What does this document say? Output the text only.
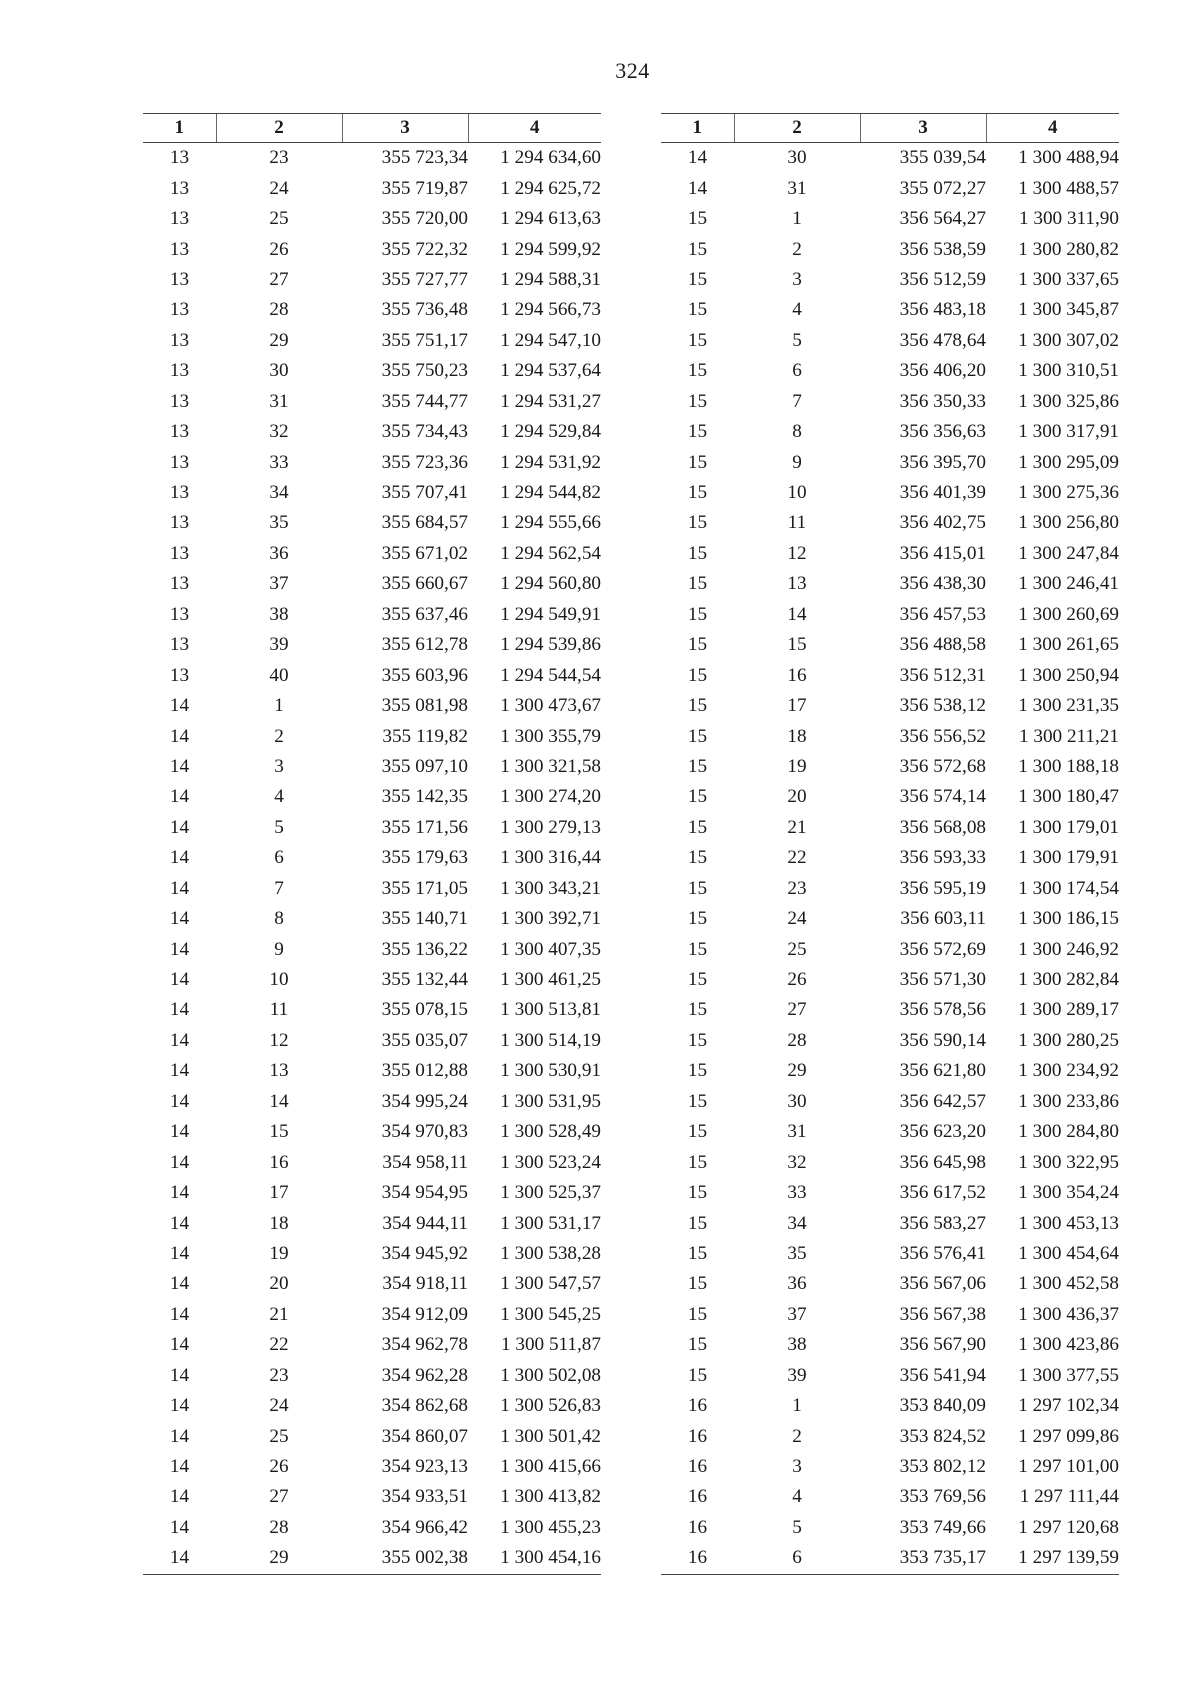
324
1	2	3	4
13	23	355 723,34	1 294 634,60
13	24	355 719,87	1 294 625,72
13	25	355 720,00	1 294 613,63
13	26	355 722,32	1 294 599,92
13	27	355 727,77	1 294 588,31
13	28	355 736,48	1 294 566,73
13	29	355 751,17	1 294 547,10
13	30	355 750,23	1 294 537,64
13	31	355 744,77	1 294 531,27
13	32	355 734,43	1 294 529,84
13	33	355 723,36	1 294 531,92
13	34	355 707,41	1 294 544,82
13	35	355 684,57	1 294 555,66
13	36	355 671,02	1 294 562,54
13	37	355 660,67	1 294 560,80
13	38	355 637,46	1 294 549,91
13	39	355 612,78	1 294 539,86
13	40	355 603,96	1 294 544,54
14	1	355 081,98	1 300 473,67
14	2	355 119,82	1 300 355,79
14	3	355 097,10	1 300 321,58
14	4	355 142,35	1 300 274,20
14	5	355 171,56	1 300 279,13
14	6	355 179,63	1 300 316,44
14	7	355 171,05	1 300 343,21
14	8	355 140,71	1 300 392,71
14	9	355 136,22	1 300 407,35
14	10	355 132,44	1 300 461,25
14	11	355 078,15	1 300 513,81
14	12	355 035,07	1 300 514,19
14	13	355 012,88	1 300 530,91
14	14	354 995,24	1 300 531,95
14	15	354 970,83	1 300 528,49
14	16	354 958,11	1 300 523,24
14	17	354 954,95	1 300 525,37
14	18	354 944,11	1 300 531,17
14	19	354 945,92	1 300 538,28
14	20	354 918,11	1 300 547,57
14	21	354 912,09	1 300 545,25
14	22	354 962,78	1 300 511,87
14	23	354 962,28	1 300 502,08
14	24	354 862,68	1 300 526,83
14	25	354 860,07	1 300 501,42
14	26	354 923,13	1 300 415,66
14	27	354 933,51	1 300 413,82
14	28	354 966,42	1 300 455,23
14	29	355 002,38	1 300 454,16
1	2	3	4
14	30	355 039,54	1 300 488,94
14	31	355 072,27	1 300 488,57
15	1	356 564,27	1 300 311,90
15	2	356 538,59	1 300 280,82
15	3	356 512,59	1 300 337,65
15	4	356 483,18	1 300 345,87
15	5	356 478,64	1 300 307,02
15	6	356 406,20	1 300 310,51
15	7	356 350,33	1 300 325,86
15	8	356 356,63	1 300 317,91
15	9	356 395,70	1 300 295,09
15	10	356 401,39	1 300 275,36
15	11	356 402,75	1 300 256,80
15	12	356 415,01	1 300 247,84
15	13	356 438,30	1 300 246,41
15	14	356 457,53	1 300 260,69
15	15	356 488,58	1 300 261,65
15	16	356 512,31	1 300 250,94
15	17	356 538,12	1 300 231,35
15	18	356 556,52	1 300 211,21
15	19	356 572,68	1 300 188,18
15	20	356 574,14	1 300 180,47
15	21	356 568,08	1 300 179,01
15	22	356 593,33	1 300 179,91
15	23	356 595,19	1 300 174,54
15	24	356 603,11	1 300 186,15
15	25	356 572,69	1 300 246,92
15	26	356 571,30	1 300 282,84
15	27	356 578,56	1 300 289,17
15	28	356 590,14	1 300 280,25
15	29	356 621,80	1 300 234,92
15	30	356 642,57	1 300 233,86
15	31	356 623,20	1 300 284,80
15	32	356 645,98	1 300 322,95
15	33	356 617,52	1 300 354,24
15	34	356 583,27	1 300 453,13
15	35	356 576,41	1 300 454,64
15	36	356 567,06	1 300 452,58
15	37	356 567,38	1 300 436,37
15	38	356 567,90	1 300 423,86
15	39	356 541,94	1 300 377,55
16	1	353 840,09	1 297 102,34
16	2	353 824,52	1 297 099,86
16	3	353 802,12	1 297 101,00
16	4	353 769,56	1 297 111,44
16	5	353 749,66	1 297 120,68
16	6	353 735,17	1 297 139,59
